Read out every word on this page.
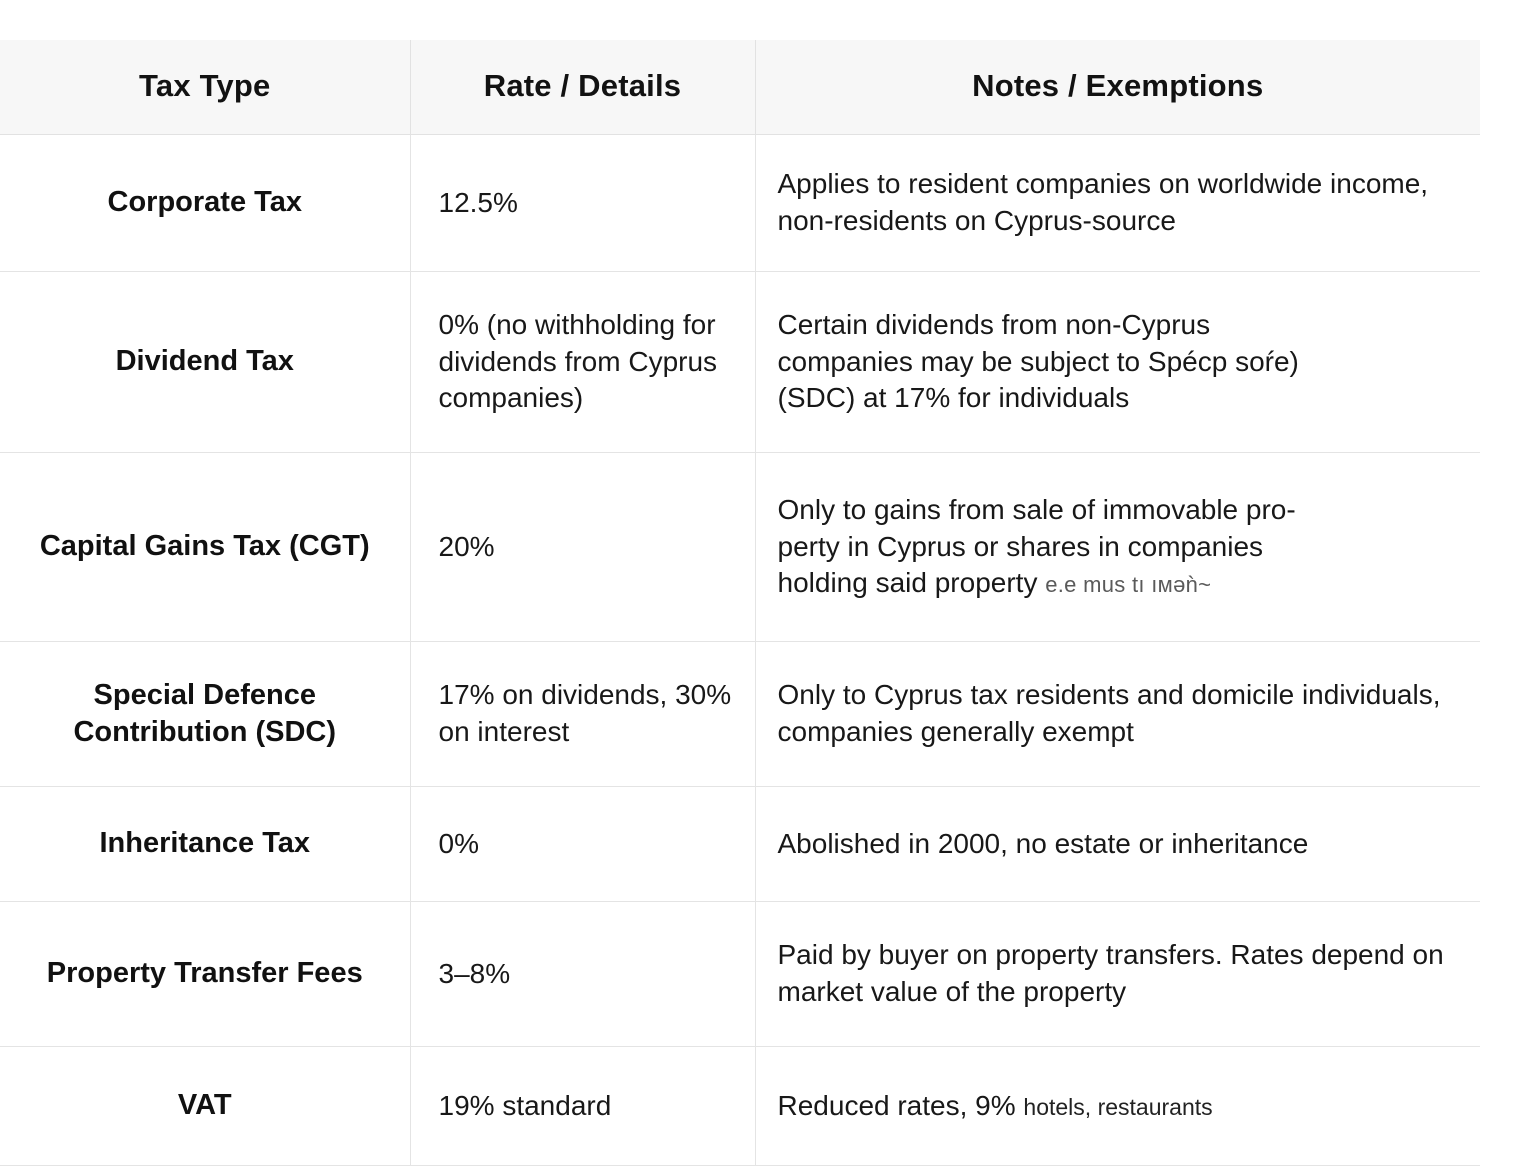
Tax Type	Rate / Details	Notes / Exemptions
Corporate Tax	12.5%	Applies to resident companies on worldwide income, non-residents on Cyprus-source
Dividend Tax	0% (no withholding for dividends from Cyprus companies)	Certain dividends from non-Cyprus
companies may be subject to Spécp soŕe)
(SDC) at 17% for individuals
Capital Gains Tax (CGT)	20%	Only to gains from sale of immovable pro-
perty in Cyprus or shares in companies
holding said property e.e mus tı ıмəǹ~
Special Defence Contribution (SDC)	17% on dividends, 30% on interest	Only to Cyprus tax residents and domicile individuals, companies generally exempt
Inheritance Tax	0%	Abolished in 2000, no estate or inheritance
Property Transfer Fees	3–8%	Paid by buyer on property transfers. Rates depend on market value of the property
VAT	19% standard	Reduced rates, 9% hotels, restaurants
